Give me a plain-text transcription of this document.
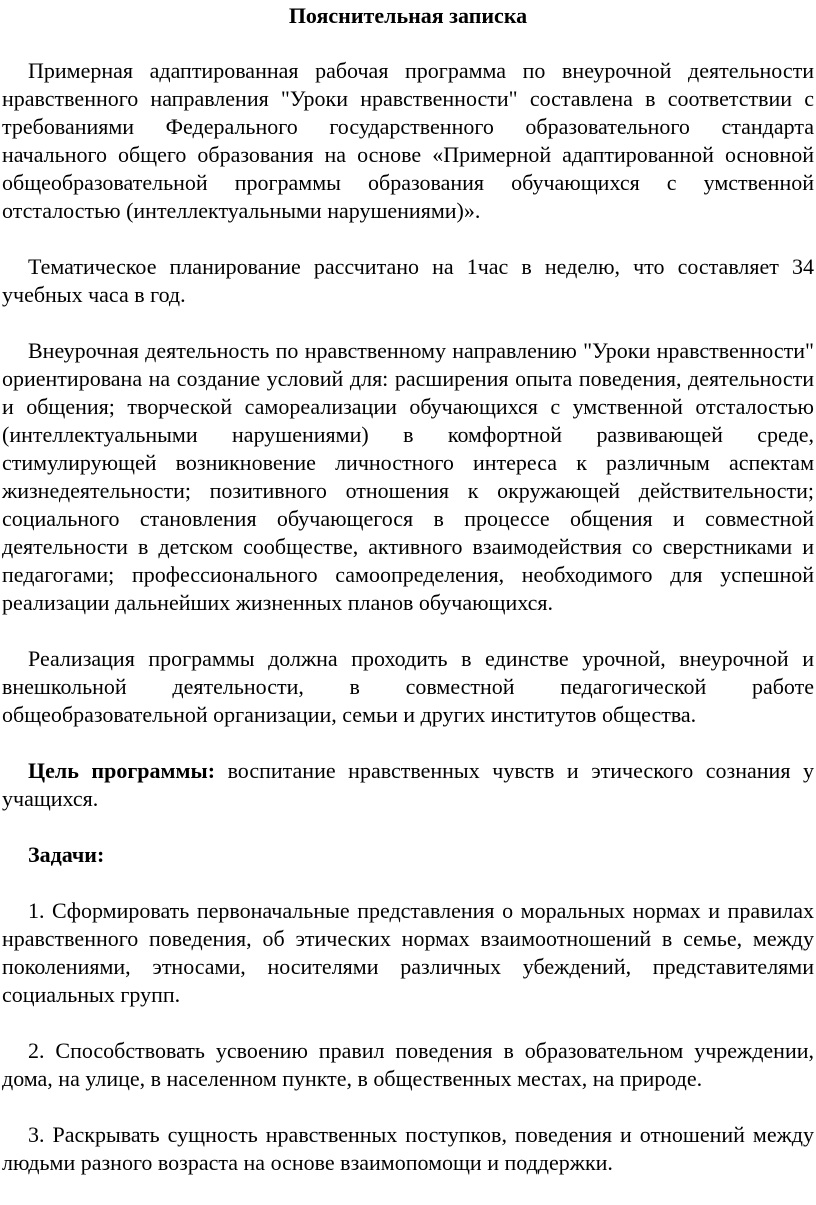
Пояснительная записка

Примерная адаптированная рабочая программа по внеурочной деятельности нравственного направления "Уроки нравственности" составлена в соответствии с требованиями Федерального государственного образовательного стандарта начального общего образования на основе «Примерной адаптированной основной общеобразовательной программы образования обучающихся с умственной отсталостью (интеллектуальными нарушениями)».

Тематическое планирование рассчитано на 1час в неделю, что составляет 34 учебных часа в год.

Внеурочная деятельность по нравственному направлению "Уроки нравственности" ориентирована на создание условий для: расширения опыта поведения, деятельности и общения; творческой самореализации обучающихся с умственной отсталостью (интеллектуальными нарушениями) в комфортной развивающей среде, стимулирующей возникновение личностного интереса к различным аспектам жизнедеятельности; позитивного отношения к окружающей действительности; социального становления обучающегося в процессе общения и совместной деятельности в детском сообществе, активного взаимодействия со сверстниками и педагогами; профессионального самоопределения, необходимого для успешной реализации дальнейших жизненных планов обучающихся.

Реализация программы должна проходить в единстве урочной, внеурочной и внешкольной деятельности, в совместной педагогической работе общеобразовательной организации, семьи и других институтов общества.

Цель программы: воспитание нравственных чувств и этического сознания у учащихся.

Задачи:

1. Сформировать первоначальные представления о моральных нормах и правилах нравственного поведения, об этических нормах взаимоотношений в семье, между поколениями, этносами, носителями различных убеждений, представителями социальных групп.

2. Способствовать усвоению правил поведения в образовательном учреждении, дома, на улице, в населенном пункте, в общественных местах, на природе.

3. Раскрывать сущность нравственных поступков, поведения и отношений между людьми разного возраста на основе взаимопомощи и поддержки.
